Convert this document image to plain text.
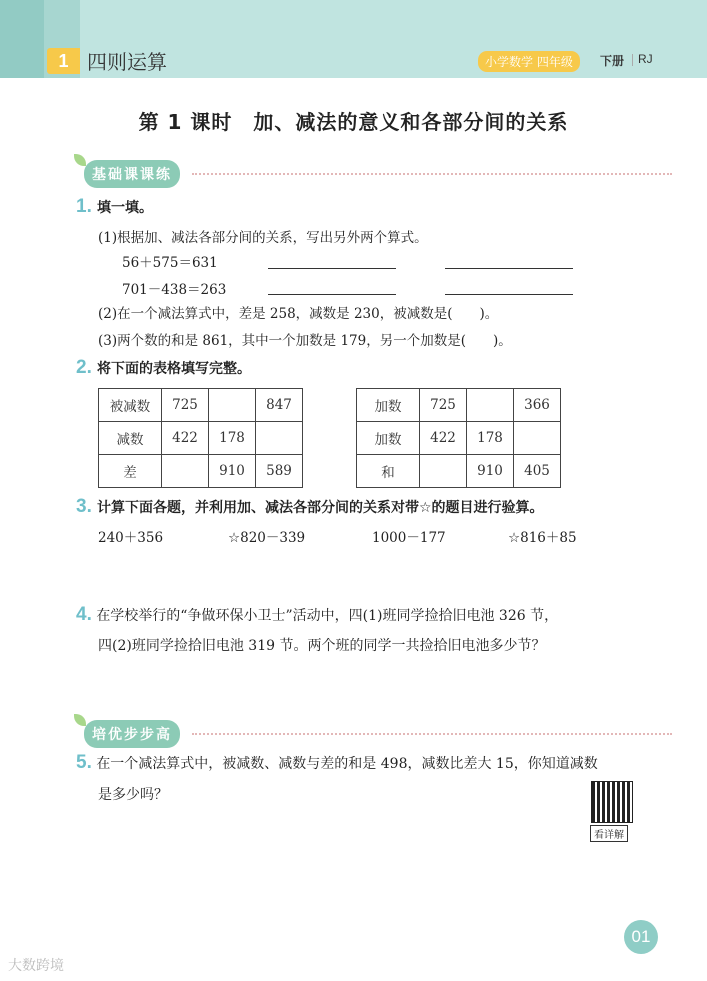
1 四则运算	小学数学 四年级	下册 RJ
第 1 课时　加、减法的意义和各部分间的关系
基础课课练
1. 填一填。
(1)根据加、减法各部分间的关系，写出另外两个算式。
56＋575＝631
701－438＝263
(2)在一个减法算式中，差是 258，减数是 230，被减数是(　　)。
(3)两个数的和是 861，其中一个加数是 179，另一个加数是(　　)。
2. 将下面的表格填写完整。
被减数	725		847
减数	422	178	
差		910	589
加数	725		366
加数	422	178	
和		910	405
3. 计算下面各题，并利用加、减法各部分间的关系对带☆的题目进行验算。
240＋356	☆820－339	1000－177	☆816＋85
4. 在学校举行的“争做环保小卫士”活动中，四(1)班同学捡拾旧电池 326 节，
四(2)班同学捡拾旧电池 319 节。两个班的同学一共捡拾旧电池多少节？
培优步步高
5. 在一个减法算式中，被减数、减数与差的和是 498，减数比差大 15，你知道减数
是多少吗？
看详解
01
大数跨境
